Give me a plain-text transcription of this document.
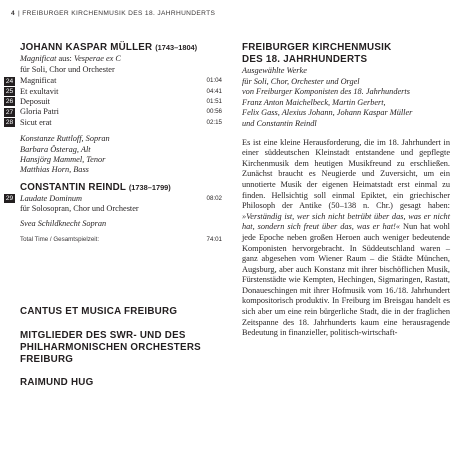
4 | FREIBURGER KIRCHENMUSIK DES 18. JAHRHUNDERTS
JOHANN KASPAR MÜLLER (1743–1804)
Magnificat aus: Vesperae ex C
für Soli, Chor und Orchester
24 Magnificat	01:04
25 Et exultavit	04:41
26 Deposuit	01:51
27 Gloria Patri	00:56
28 Sicut erat	02:15
Konstanze Ruttloff, Sopran
Barbara Österag, Alt
Hansjörg Mammel, Tenor
Matthias Horn, Bass
CONSTANTIN REINDL (1738–1799)
29 Laudate Dominum	08:02
für Solosopran, Chor und Orchester
Svea Schildknecht Sopran
Total Time / Gesamtspielzeit:	74:01
CANTUS ET MUSICA FREIBURG
MITGLIEDER DES SWR- UND DES
PHILHARMONISCHEN ORCHESTERS
FREIBURG
RAIMUND HUG
FREIBURGER KIRCHENMUSIK
DES 18. JAHRHUNDERTS
Ausgewählte Werke
für Soli, Chor, Orchester und Orgel
von Freiburger Komponisten des 18. Jahrhunderts
Franz Anton Maichelbeck, Martin Gerbert,
Felix Gass, Alexius Johann, Johann Kaspar Müller
und Constantin Reindl

Es ist eine kleine Herausforderung, die im 18. Jahrhundert in einer süddeutschen Kleinstadt entstandene und gepflegte Kirchenmusik dem heutigen Musikfreund zu erschließen. Zunächst braucht es Neugierde und Zuversicht, um ein unnotierte Musik der eigenen Heimatstadt erst einmal zu finden. Hellsichtig soll einmal Epiktet, ein griechischer Philosoph der Antike (50–138 n. Chr.) gesagt haben: »Verständig ist, wer sich nicht betrübt über das, was er nicht hat, sondern sich freut über das, was er hat!« Nun hat wohl jede Epoche neben großen Heroen auch weniger bedeutende Komponisten hervorgebracht. In Süddeutschland waren – ganz abgesehen vom Wiener Raum – die Städte München, Augsburg, aber auch Konstanz mit ihrer bischöflichen Musik, Fürstenstädte wie Kempten, Hechingen, Sigmaringen, Rastatt, Donaueschingen mit ihrer Hofmusik vom 16./18. Jahrhundert kompositorisch produktiv. In Freiburg im Breisgau handelt es sich aber um eine rein bürgerliche Stadt, die in der fraglichen Zeitspanne des 18. Jahrhunderts kaum eine herausragende Bedeutung in finanzieller, politisch-wirtschaft-
